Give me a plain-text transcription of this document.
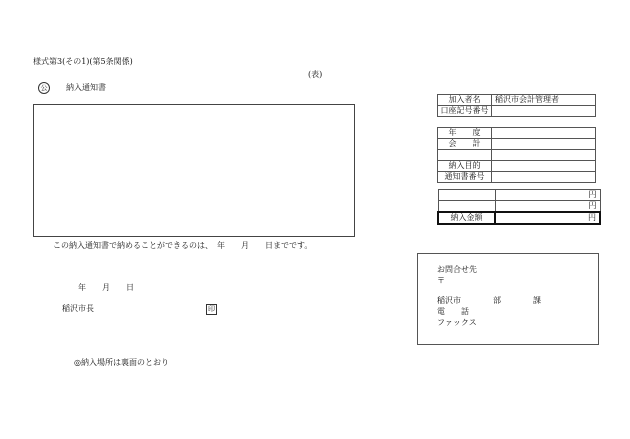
様式第3(その1)(第5条関係)
(表)
公	納入通知書
加入者名	稲沢市会計管理者
口座記号番号	
年　　度	
会　　計	

納入目的	
通知書番号	
	円
	円
納入金額	円
この納入通知書で納めることができるのは、　年　　月　　日までです。
年　　月　　日
稲沢市長	印
◎納入場所は裏面のとおり
お問合せ先
〒
稲沢市　　　　部　　　　課
電　　話
ファックス
